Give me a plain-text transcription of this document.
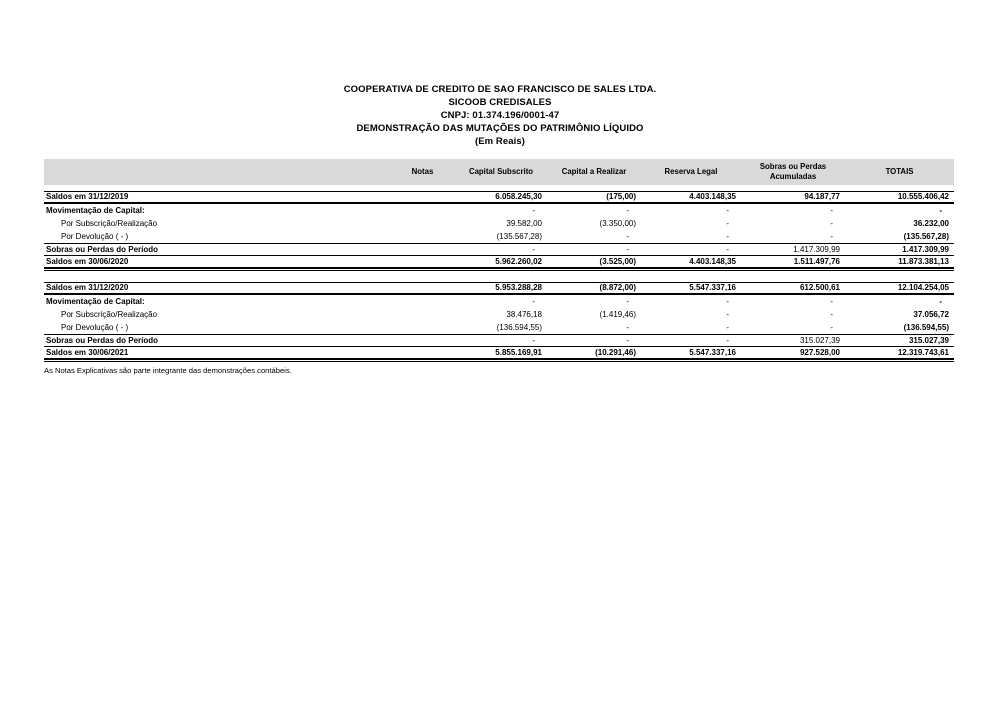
COOPERATIVA DE CREDITO DE SAO FRANCISCO DE SALES LTDA.
SICOOB CREDISALES
CNPJ: 01.374.196/0001-47
DEMONSTRAÇÃO DAS MUTAÇÕES DO PATRIMÔNIO LÍQUIDO
(Em Reais)
	Notas	Capital Subscrito	Capital a Realizar	Reserva Legal	Sobras ou Perdas Acumuladas	TOTAIS

Saldos em 31/12/2019		6.058.245,30	(175,00)	4.403.148,35	94.187,77	10.555.406,42
Movimentação de Capital:		-	-	-	-	-
Por Subscrição/Realização		39.582,00	(3.350,00)	-	-	36.232,00
Por Devolução ( - )		(135.567,28)	-	-	-	(135.567,28)
Sobras ou Perdas do Período		-	-	-	1.417.309,99	1.417.309,99
Saldos em 30/06/2020		5.962.260,02	(3.525,00)	4.403.148,35	1.511.497,76	11.873.381,13

Saldos em 31/12/2020		5.953.288,28	(8.872,00)	5.547.337,16	612.500,61	12.104.254,05
Movimentação de Capital:		-	-	-	-	-
Por Subscrição/Realização		38.476,18	(1.419,46)	-	-	37.056,72
Por Devolução ( - )		(136.594,55)	-	-	-	(136.594,55)
Sobras ou Perdas do Período		-	-	-	315.027,39	315.027,39
Saldos em 30/06/2021		5.855.169,91	(10.291,46)	5.547.337,16	927.528,00	12.319.743,61

As Notas Explicativas são parte integrante das demonstrações contábeis.
